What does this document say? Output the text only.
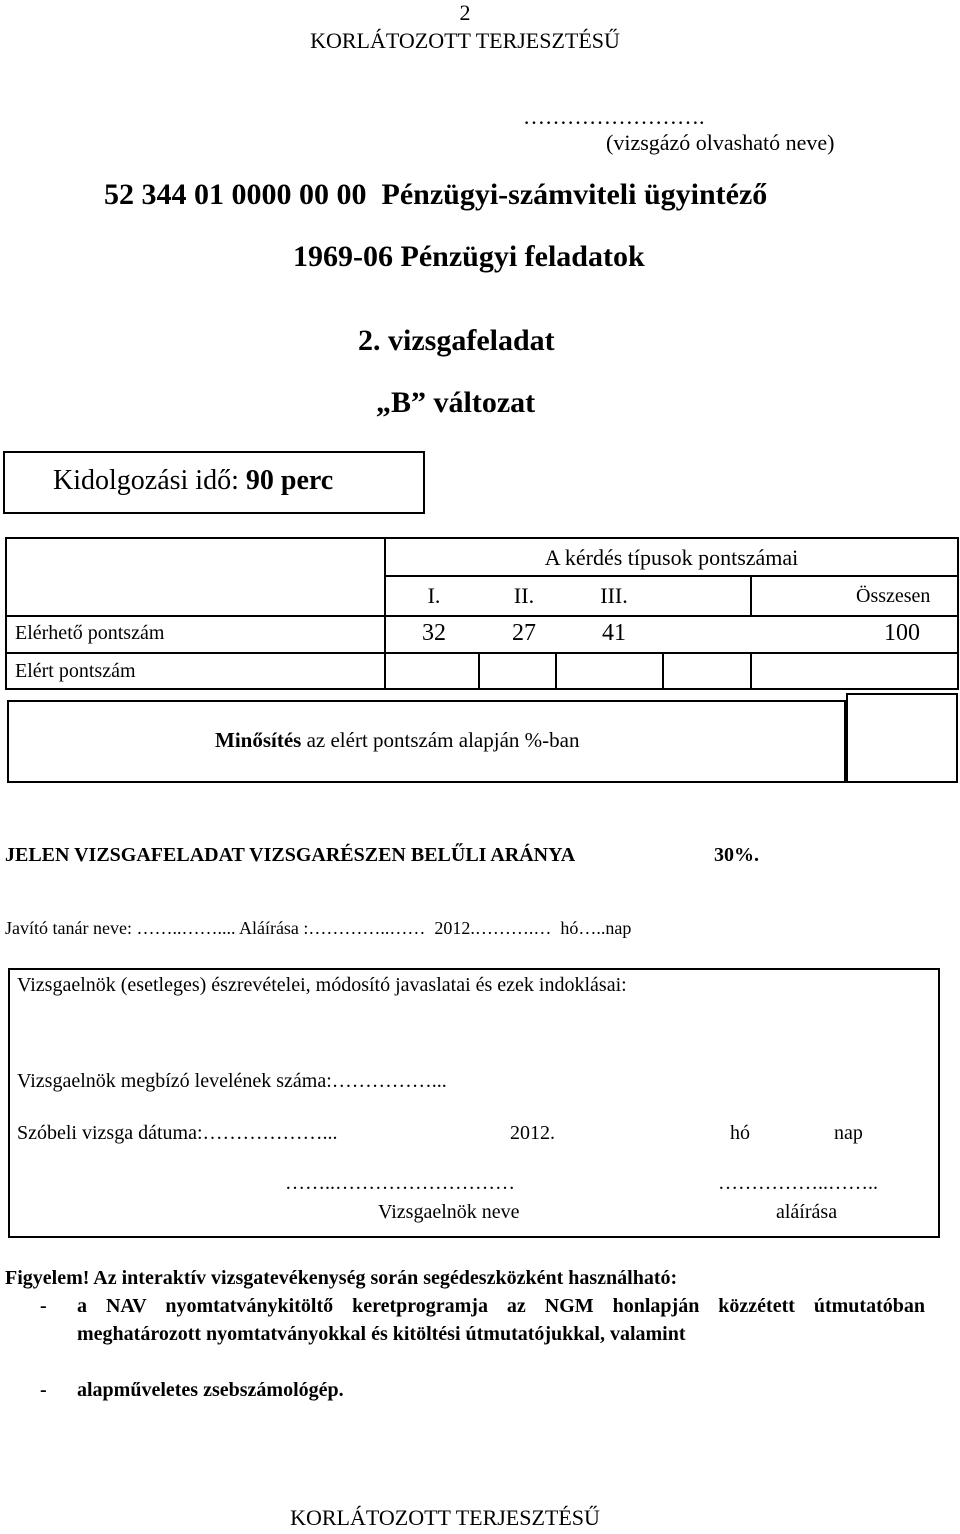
2
KORLÁTOZOTT TERJESZTÉSŰ
…………………….
(vizsgázó olvasható neve)
52 344 01 0000 00 00  Pénzügyi-számviteli ügyintéző
1969-06 Pénzügyi feladatok
2. vizsgafeladat
„B” változat
Kidolgozási idő: 90 perc
A kérdés típusok pontszámai
I.	II.	III.	Összesen
Elérhető pontszám	32	27	41	100
Elért pontszám
Minősítés az elért pontszám alapján %-ban
JELEN VIZSGAFELADAT VIZSGARÉSZEN BELŰLI ARÁNYA	30%.
Javító tanár neve: ……..…….... Aláírása :…………..……  2012.……….…  hó…..nap
Vizsgaelnök (esetleges) észrevételei, módosító javaslatai és ezek indoklásai:
Vizsgaelnök megbízó levelének száma:……………...
Szóbeli vizsga dátuma:………………...	2012.	hó	nap
……..………………………	……………..……..
Vizsgaelnök neve	aláírása
Figyelem! Az interaktív vizsgatevékenység során segédeszközként használható:
- a NAV nyomtatványkitöltő keretprogramja az NGM honlapján közzétett útmutatóban meghatározott nyomtatványokkal és kitöltési útmutatójukkal, valamint
- alapműveletes zsebszámológép.
KORLÁTOZOTT TERJESZTÉSŰ
